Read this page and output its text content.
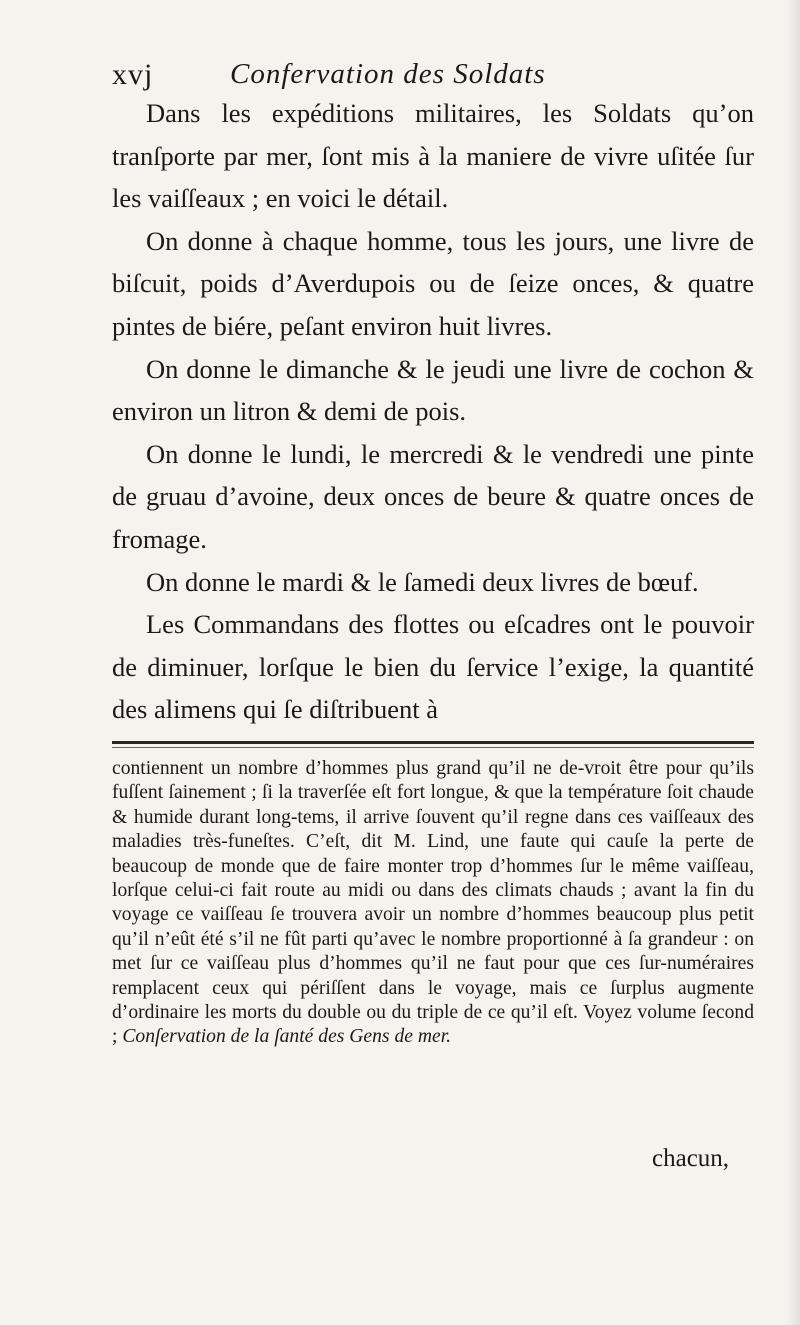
xvj	Confervation des Soldats

Dans les expéditions militaires, les Soldats qu’on tranſporte par mer, ſont mis à la maniere de vivre uſitée ſur les vaiſſeaux ; en voici le détail.

On donne à chaque homme, tous les jours, une livre de biſcuit, poids d’Averdupois ou de ſeize onces, & quatre pintes de biére, peſant environ huit livres.

On donne le dimanche & le jeudi une livre de cochon & environ un litron & demi de pois.

On donne le lundi, le mercredi & le vendredi une pinte de gruau d’avoine, deux onces de beure & quatre onces de fromage.

On donne le mardi & le ſamedi deux livres de bœuf.

Les Commandans des flottes ou eſcadres ont le pouvoir de diminuer, lorſque le bien du ſervice l’exige, la quantité des alimens qui ſe diſtribuent à

contiennent un nombre d’hommes plus grand qu’il ne de-vroit être pour qu’ils fuſſent ſainement ; ſi la traverſée eſt fort longue, & que la température ſoit chaude & humide durant long-tems, il arrive ſouvent qu’il regne dans ces vaiſſeaux des maladies très-funeſtes. C’eſt, dit M. Lind, une faute qui cauſe la perte de beaucoup de monde que de faire monter trop d’hommes ſur le même vaiſſeau, lorſque celui-ci fait route au midi ou dans des climats chauds ; avant la fin du voyage ce vaiſſeau ſe trouvera avoir un nombre d’hommes beaucoup plus petit qu’il n’eût été s’il ne fût parti qu’avec le nombre proportionné à ſa grandeur : on met ſur ce vaiſſeau plus d’hommes qu’il ne faut pour que ces ſur-numéraires remplacent ceux qui périſſent dans le voyage, mais ce ſurplus augmente d’ordinaire les morts du double ou du triple de ce qu’il eſt. Voyez volume ſecond ; Conſervation de la ſanté des Gens de mer.

chacun,
